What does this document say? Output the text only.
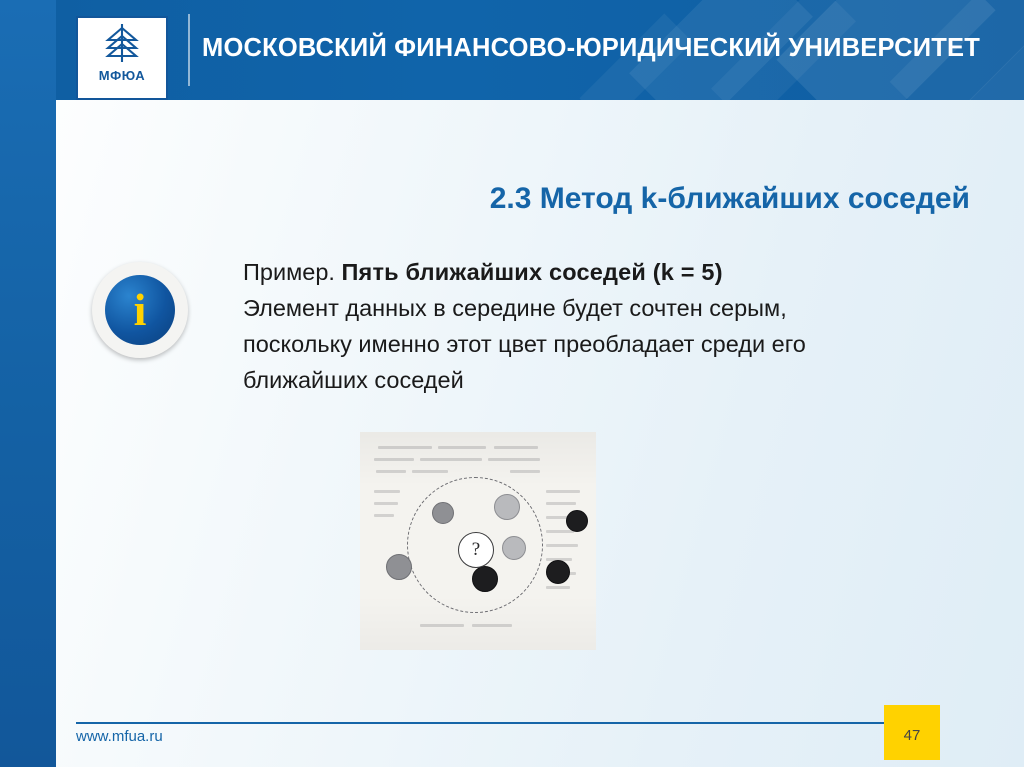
МОСКОВСКИЙ ФИНАНСОВО-ЮРИДИЧЕСКИЙ УНИВЕРСИТЕТ
МФЮА
2.3 Метод k-ближайших соседей
i
Пример. Пять ближайших соседей (k = 5)
Элемент данных в середине будет сочтен серым,
поскольку именно этот цвет преобладает среди его
ближайших соседей
?
www.mfua.ru	47
